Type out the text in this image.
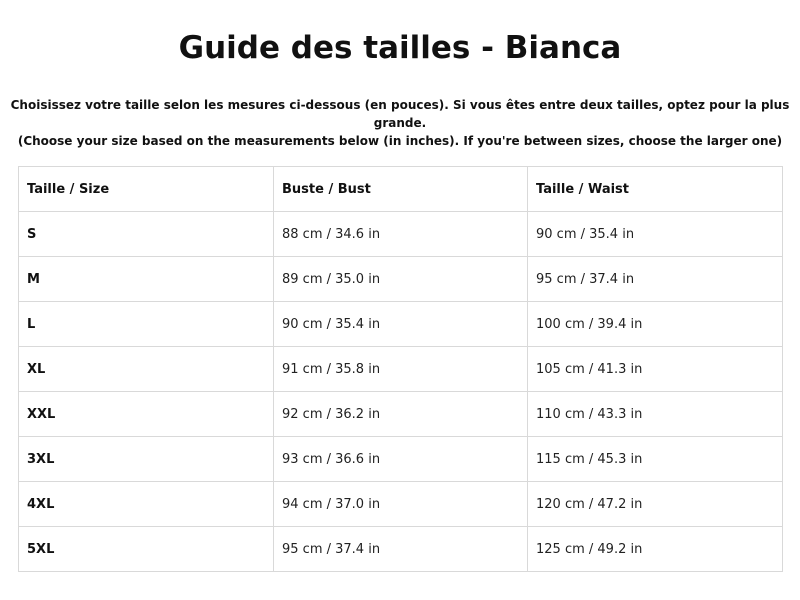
Guide des tailles - Bianca

Choisissez votre taille selon les mesures ci-dessous (en pouces). Si vous êtes entre deux tailles, optez pour la plus grande.
(Choose your size based on the measurements below (in inches). If you're between sizes, choose the larger one)

Taille / Size	Buste / Bust	Taille / Waist
S	88 cm / 34.6 in	90 cm / 35.4 in
M	89 cm / 35.0 in	95 cm / 37.4 in
L	90 cm / 35.4 in	100 cm / 39.4 in
XL	91 cm / 35.8 in	105 cm / 41.3 in
XXL	92 cm / 36.2 in	110 cm / 43.3 in
3XL	93 cm / 36.6 in	115 cm / 45.3 in
4XL	94 cm / 37.0 in	120 cm / 47.2 in
5XL	95 cm / 37.4 in	125 cm / 49.2 in
